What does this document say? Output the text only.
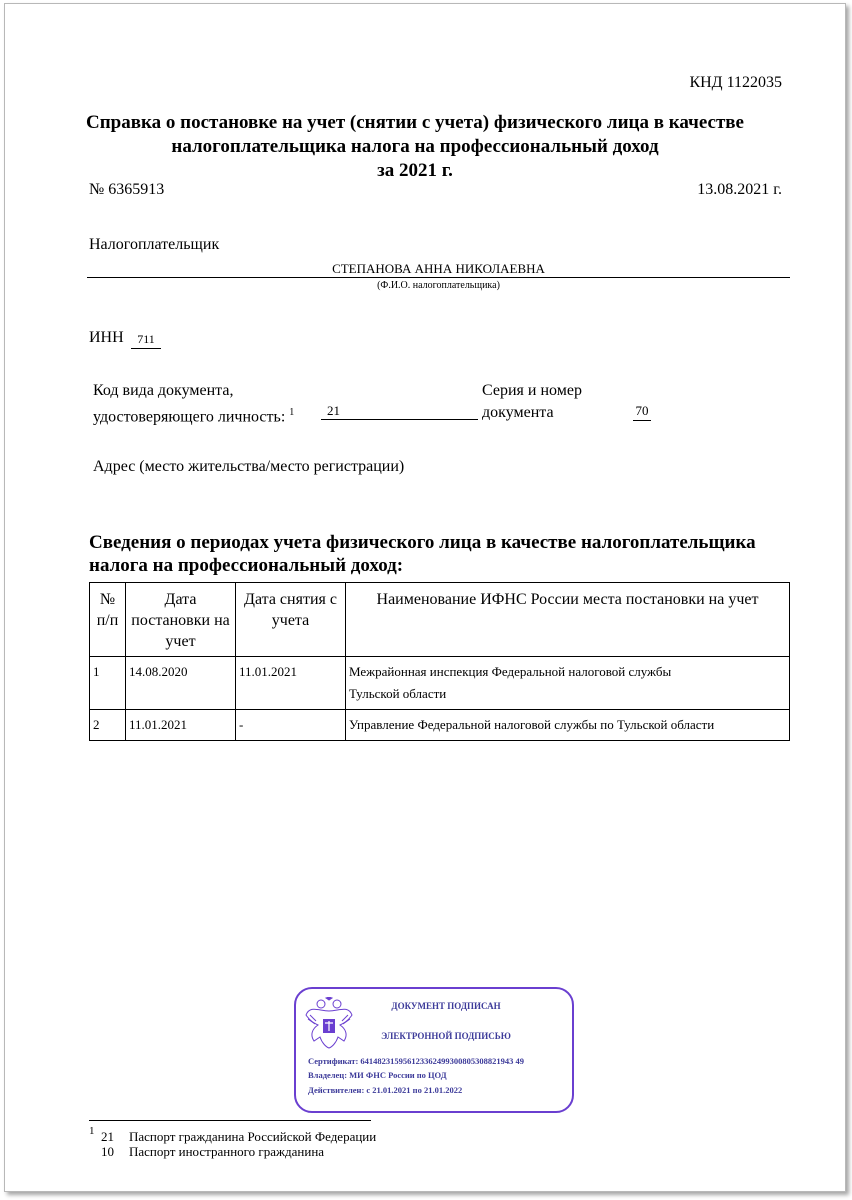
КНД 1122035
Справка о постановке на учет (снятии с учета) физического лица в качестве
налогоплательщика налога на профессиональный доход
за 2021 г.
№ 6365913	13.08.2021 г.
Налогоплательщик
СТЕПАНОВА АННА НИКОЛАЕВНА
(Ф.И.О. налогоплательщика)
ИНН	711
Код вида документа,
удостоверяющего личность: $^1$	21
Серия и номер
документа	70
Адрес (место жительства/место регистрации)
Сведения о периодах учета физического лица в качестве налогоплательщика
налога на профессиональный доход:
№ п/п	Дата постановки на учет	Дата снятия с учета	Наименование ИФНС России места постановки на учет
1	14.08.2020	11.01.2021	Межрайонная инспекция Федеральной налоговой службы
Тульской области

2	11.01.2021	-	Управление Федеральной налоговой службы по Тульской области
ДОКУМЕНТ ПОДПИСАН
ЭЛЕКТРОННОЙ ПОДПИСЬЮ
Сертификат: 641482315956123362499300805308821943 49
Владелец: МИ ФНС России по ЦОД
Действителен: с 21.01.2021 по 21.01.2022
1 21 Паспорт гражданина Российской Федерации
10 Паспорт иностранного гражданина
